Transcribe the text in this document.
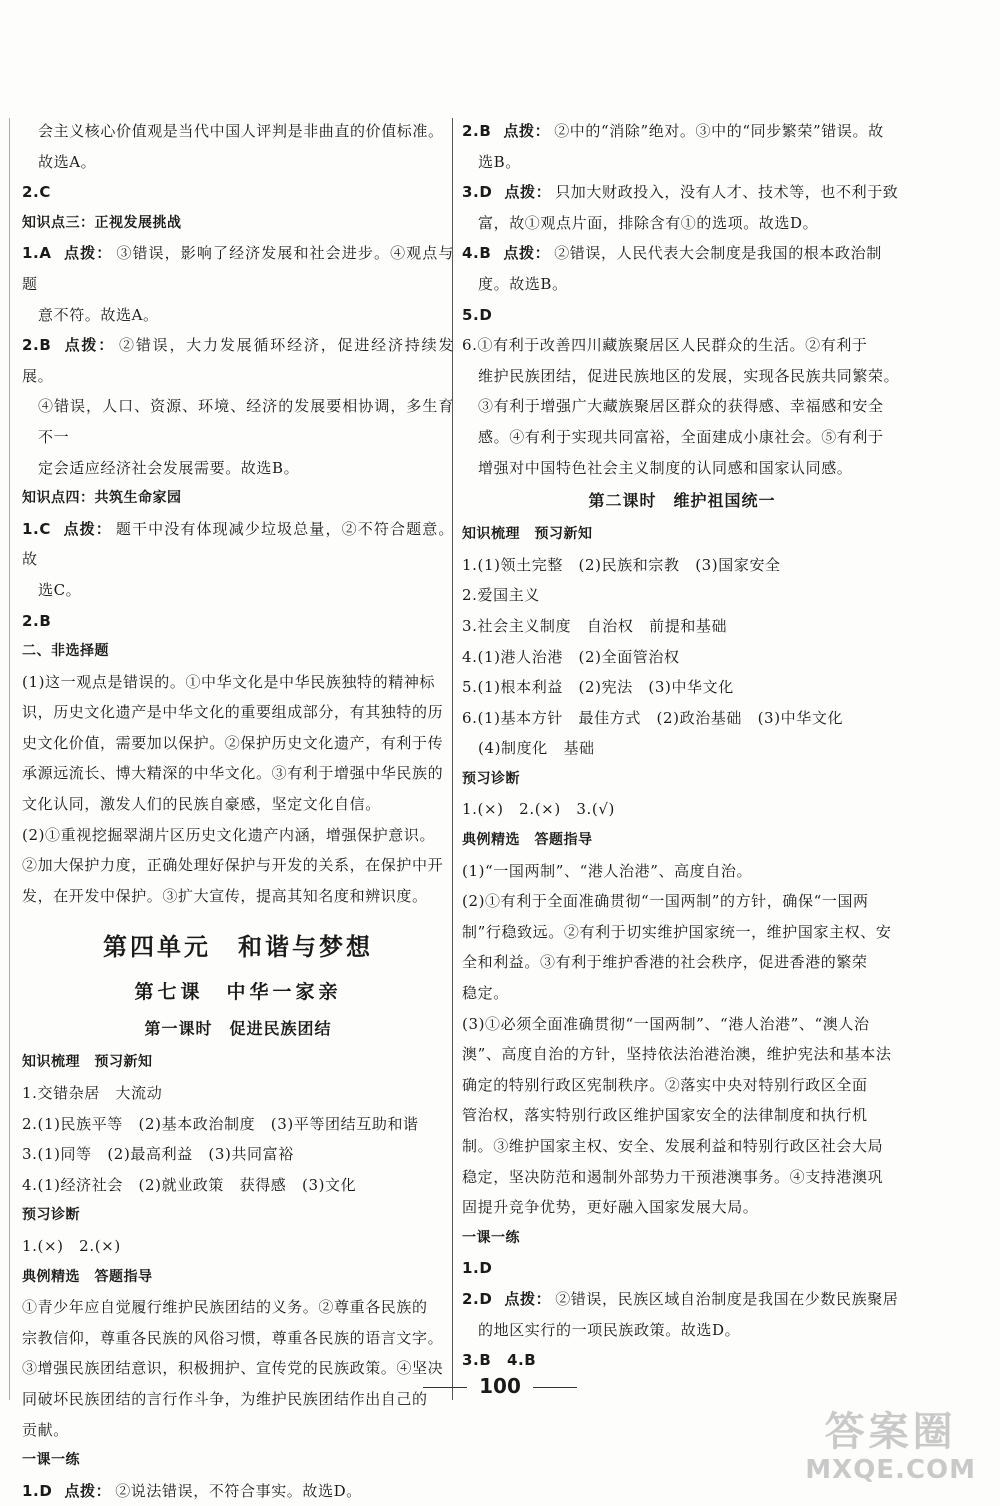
会主义核心价值观是当代中国人评判是非曲直的价值标准。

故选A。

2.C

知识点三：正视发展挑战

1.A 点拨： ③错误，影响了经济发展和社会进步。④观点与题

意不符。故选A。

2.B 点拨： ②错误，大力发展循环经济，促进经济持续发展。

④错误，人口、资源、环境、经济的发展要相协调，多生育不一

定会适应经济社会发展需要。故选B。

知识点四：共筑生命家园

1.C 点拨： 题干中没有体现减少垃圾总量，②不符合题意。故

选C。

2.B

二、非选择题

(1)这一观点是错误的。①中华文化是中华民族独特的精神标

识，历史文化遗产是中华文化的重要组成部分，有其独特的历

史文化价值，需要加以保护。②保护历史文化遗产，有利于传

承源远流长、博大精深的中华文化。③有利于增强中华民族的

文化认同，激发人们的民族自豪感，坚定文化自信。

(2)①重视挖掘翠湖片区历史文化遗产内涵，增强保护意识。

②加大保护力度，正确处理好保护与开发的关系，在保护中开

发，在开发中保护。③扩大宣传，提高其知名度和辨识度。

第四单元　和谐与梦想
第七课　中华一家亲
第一课时　促进民族团结

知识梳理　预习新知

1.交错杂居　大流动

2.(1)民族平等　(2)基本政治制度　(3)平等团结互助和谐

3.(1)同等　(2)最高利益　(3)共同富裕

4.(1)经济社会　(2)就业政策　获得感　(3)文化

预习诊断

1.(×)　2.(×)

典例精选　答题指导

①青少年应自觉履行维护民族团结的义务。②尊重各民族的

宗教信仰，尊重各民族的风俗习惯，尊重各民族的语言文字。

③增强民族团结意识，积极拥护、宣传党的民族政策。④坚决

同破坏民族团结的言行作斗争，为维护民族团结作出自己的

贡献。

一课一练

1.D 点拨： ②说法错误，不符合事实。故选D。

2.B 点拨： ②中的“消除”绝对。③中的“同步繁荣”错误。故

选B。

3.D 点拨： 只加大财政投入，没有人才、技术等，也不利于致

富，故①观点片面，排除含有①的选项。故选D。

4.B 点拨： ②错误，人民代表大会制度是我国的根本政治制

度。故选B。

5.D

6.①有利于改善四川藏族聚居区人民群众的生活。②有利于

维护民族团结，促进民族地区的发展，实现各民族共同繁荣。

③有利于增强广大藏族聚居区群众的获得感、幸福感和安全

感。④有利于实现共同富裕，全面建成小康社会。⑤有利于

增强对中国特色社会主义制度的认同感和国家认同感。

第二课时　维护祖国统一

知识梳理　预习新知

1.(1)领土完整　(2)民族和宗教　(3)国家安全

2.爱国主义

3.社会主义制度　自治权　前提和基础

4.(1)港人治港　(2)全面管治权

5.(1)根本利益　(2)宪法　(3)中华文化

6.(1)基本方针　最佳方式　(2)政治基础　(3)中华文化

(4)制度化　基础

预习诊断

1.(×)　2.(×)　3.(√)

典例精选　答题指导

(1)“一国两制”、“港人治港”、高度自治。

(2)①有利于全面准确贯彻“一国两制”的方针，确保“一国两

制”行稳致远。②有利于切实维护国家统一，维护国家主权、安

全和利益。③有利于维护香港的社会秩序，促进香港的繁荣

稳定。

(3)①必须全面准确贯彻“一国两制”、“港人治港”、“澳人治

澳”、高度自治的方针，坚持依法治港治澳，维护宪法和基本法

确定的特别行政区宪制秩序。②落实中央对特别行政区全面

管治权，落实特别行政区维护国家安全的法律制度和执行机

制。③维护国家主权、安全、发展利益和特别行政区社会大局

稳定，坚决防范和遏制外部势力干预港澳事务。④支持港澳巩

固提升竞争优势，更好融入国家发展大局。

一课一练

1.D

2.D 点拨： ②错误，民族区域自治制度是我国在少数民族聚居

的地区实行的一项民族政策。故选D。

3.B　4.B

100
答案圈
MXQE.COM
